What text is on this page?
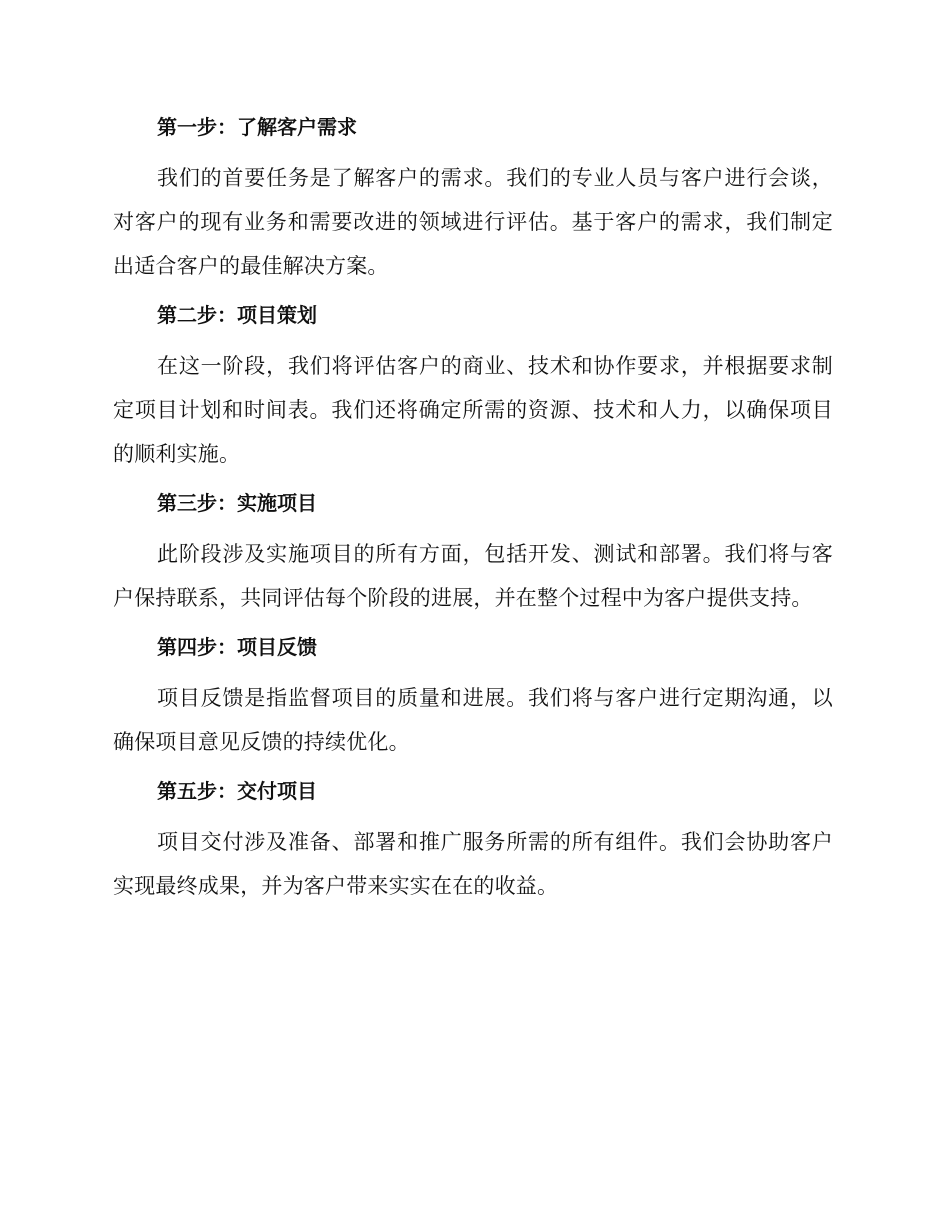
第一步：了解客户需求

我们的首要任务是了解客户的需求。我们的专业人员与客户进行会谈，对客户的现有业务和需要改进的领域进行评估。基于客户的需求，我们制定出适合客户的最佳解决方案。

第二步：项目策划

在这一阶段，我们将评估客户的商业、技术和协作要求，并根据要求制定项目计划和时间表。我们还将确定所需的资源、技术和人力，以确保项目的顺利实施。

第三步：实施项目

此阶段涉及实施项目的所有方面，包括开发、测试和部署。我们将与客户保持联系，共同评估每个阶段的进展，并在整个过程中为客户提供支持。

第四步：项目反馈

项目反馈是指监督项目的质量和进展。我们将与客户进行定期沟通，以确保项目意见反馈的持续优化。

第五步：交付项目

项目交付涉及准备、部署和推广服务所需的所有组件。我们会协助客户实现最终成果，并为客户带来实实在在的收益。
